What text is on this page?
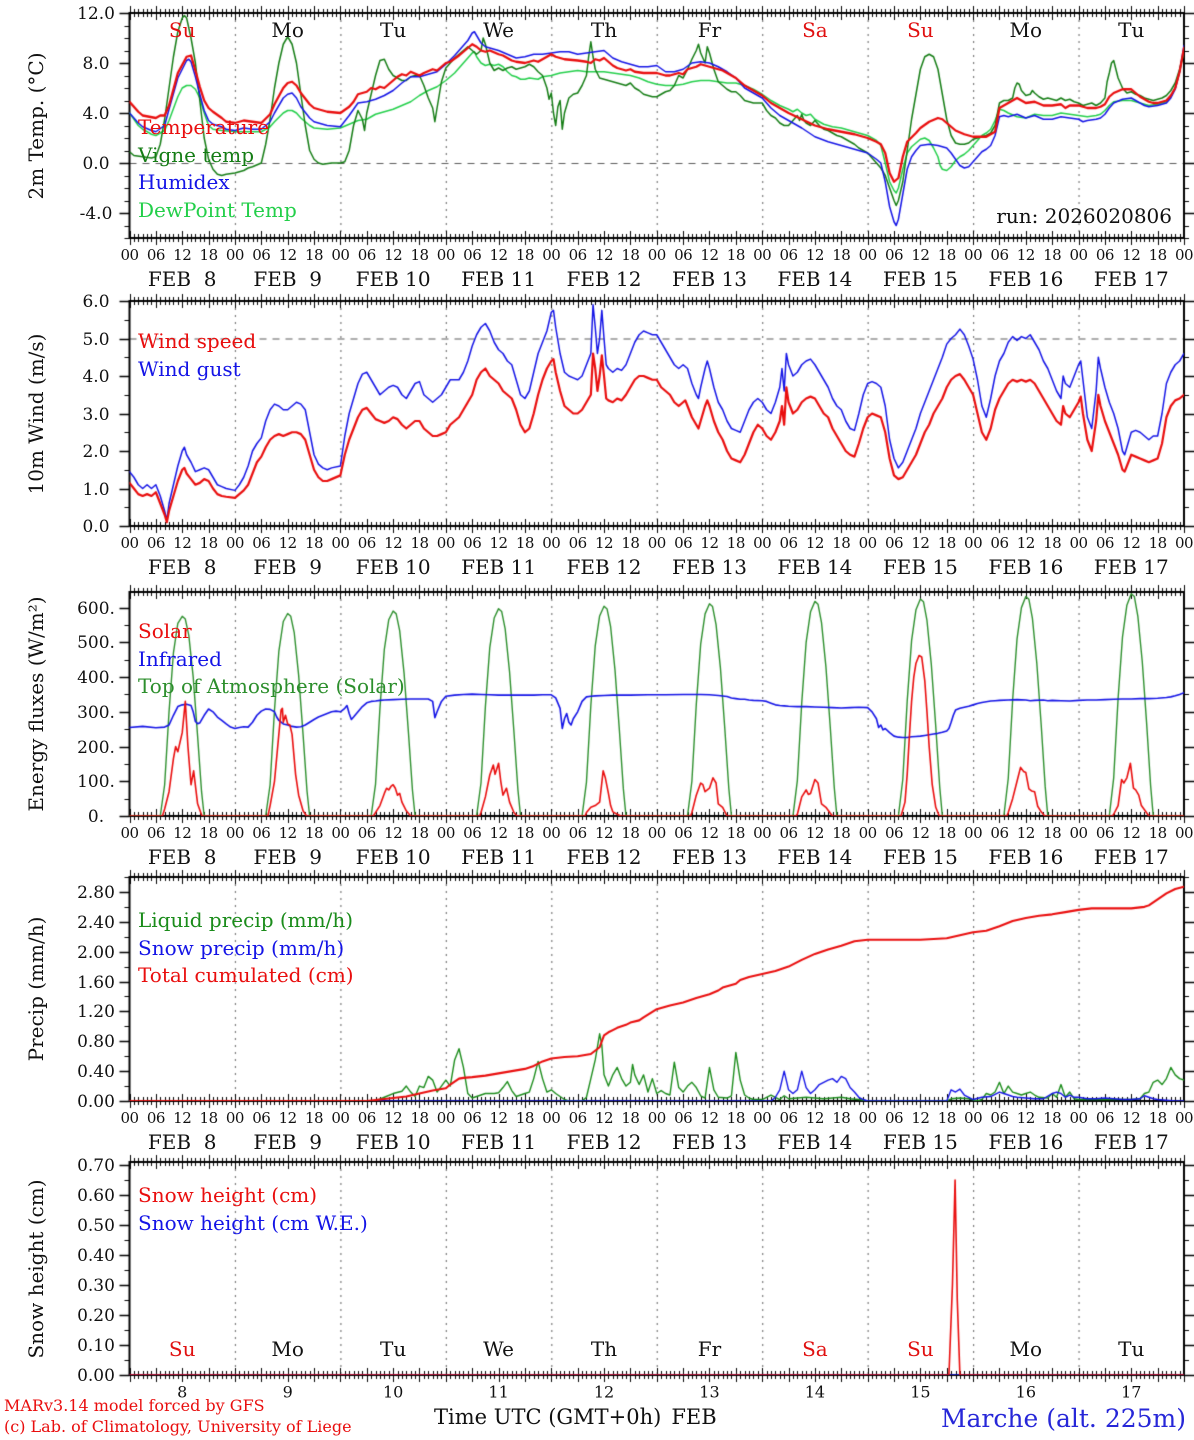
2m Temp. (°C)
10m Wind (m/s)
Energy fluxes (W/m²)
Precip (mm/h)
Snow height (cm)
Temperature
Vigne temp
Humidex
DewPoint Temp
Wind speed
Wind gust
Solar
Infrared
Top of Atmosphere (Solar)
Liquid precip (mm/h)
Snow precip (mm/h)
Total cumulated (cm)
Snow height (cm)
Snow height (cm W.E.)
run: 2026020806
MARv3.14 model forced by GFS
(c) Lab. of Climatology, University of Liege	Time UTC (GMT+0h) FEB	Marche (alt. 225m)
12.0
8.0
4.0
0.0
-4.0
00 06 12 18 00 06 12 18 00 06 12 18 00 06 12 18 00 06 12 18 00 06 12 18 00 06 12 18 00 06 12 18 00 06 12 18 00 06 12 18 00
FEB  8 FEB  9 FEB 10 FEB 11 FEB 12 FEB 13 FEB 14 FEB 15 FEB 16 FEB 17
6.0
5.0
4.0
3.0
2.0
1.0
0.0
00 06 12 18 00 06 12 18 00 06 12 18 00 06 12 18 00 06 12 18 00 06 12 18 00 06 12 18 00 06 12 18 00 06 12 18 00 06 12 18 00
FEB  8 FEB  9 FEB 10 FEB 11 FEB 12 FEB 13 FEB 14 FEB 15 FEB 16 FEB 17
600.
500.
400.
300.
200.
100.
0.
00 06 12 18 00 06 12 18 00 06 12 18 00 06 12 18 00 06 12 18 00 06 12 18 00 06 12 18 00 06 12 18 00 06 12 18 00 06 12 18 00
FEB  8 FEB  9 FEB 10 FEB 11 FEB 12 FEB 13 FEB 14 FEB 15 FEB 16 FEB 17
2.80
2.40
2.00
1.60
1.20
0.80
0.40
0.00
00 06 12 18 00 06 12 18 00 06 12 18 00 06 12 18 00 06 12 18 00 06 12 18 00 06 12 18 00 06 12 18 00 06 12 18 00 06 12 18 00
FEB  8 FEB  9 FEB 10 FEB 11 FEB 12 FEB 13 FEB 14 FEB 15 FEB 16 FEB 17
0.70
0.60
0.50
0.40
0.30
0.20
0.10
0.00
8	9	10	11	12	13	14	15	16	17
Su
Su
Mo
Mo
Tu
Tu
We
We
Th
Th
Fr
Fr
Sa
Sa
Su
Su
Mo
Mo
Tu
Tu
